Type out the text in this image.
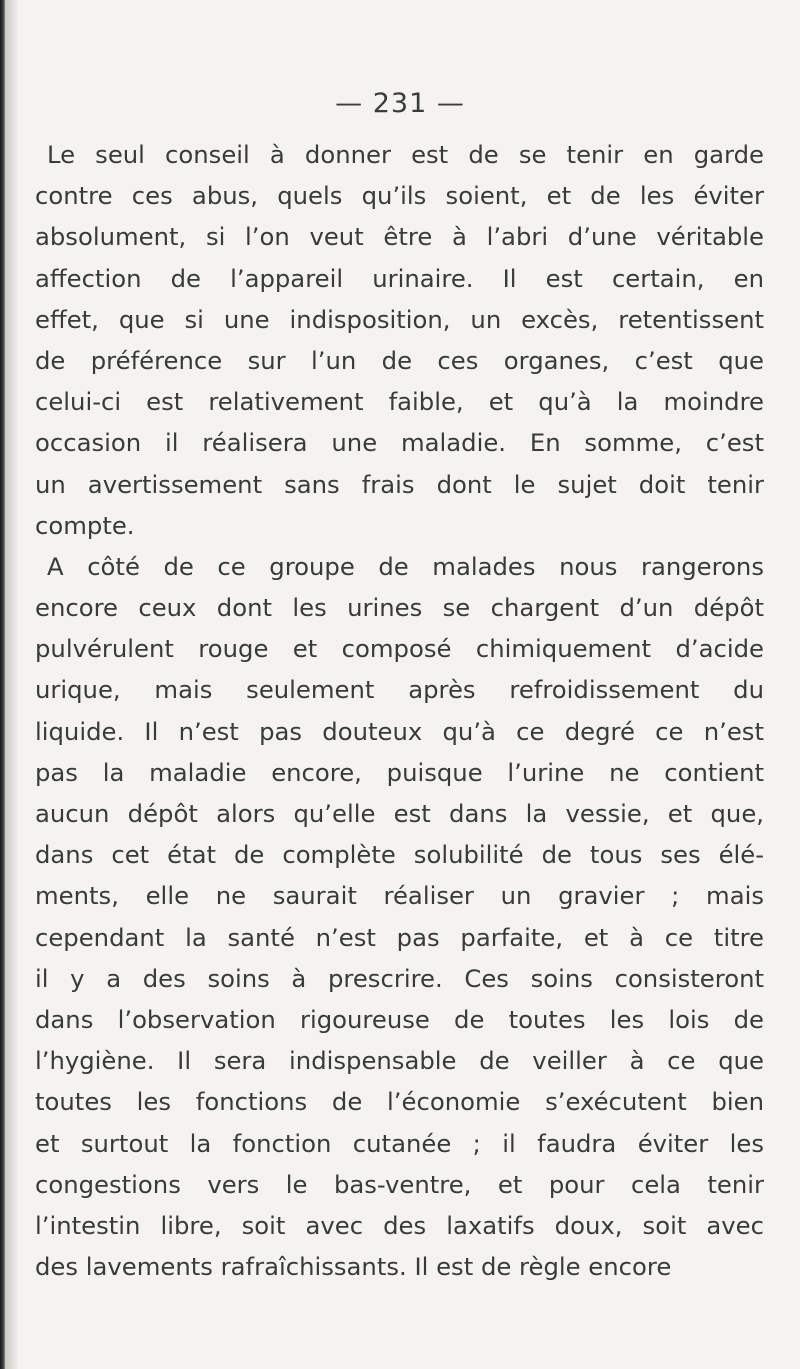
— 231 —
Le seul conseil à donner est de se tenir en garde
contre ces abus, quels qu’ils soient, et de les éviter
absolument, si l’on veut être à l’abri d’une véritable
affection de l’appareil urinaire. Il est certain, en
effet, que si une indisposition, un excès, retentissent
de préférence sur l’un de ces organes, c’est que
celui-ci est relativement faible, et qu’à la moindre
occasion il réalisera une maladie. En somme, c’est
un avertissement sans frais dont le sujet doit tenir
compte.
A côté de ce groupe de malades nous rangerons
encore ceux dont les urines se chargent d’un dépôt
pulvérulent rouge et composé chimiquement d’acide
urique, mais seulement après refroidissement du
liquide. Il n’est pas douteux qu’à ce degré ce n’est
pas la maladie encore, puisque l’urine ne contient
aucun dépôt alors qu’elle est dans la vessie, et que,
dans cet état de complète solubilité de tous ses élé-
ments, elle ne saurait réaliser un gravier ; mais
cependant la santé n’est pas parfaite, et à ce titre
il y a des soins à prescrire. Ces soins consisteront
dans l’observation rigoureuse de toutes les lois de
l’hygiène. Il sera indispensable de veiller à ce que
toutes les fonctions de l’économie s’exécutent bien
et surtout la fonction cutanée ; il faudra éviter les
congestions vers le bas-ventre, et pour cela tenir
l’intestin libre, soit avec des laxatifs doux, soit avec
des lavements rafraîchissants. Il est de règle encore
